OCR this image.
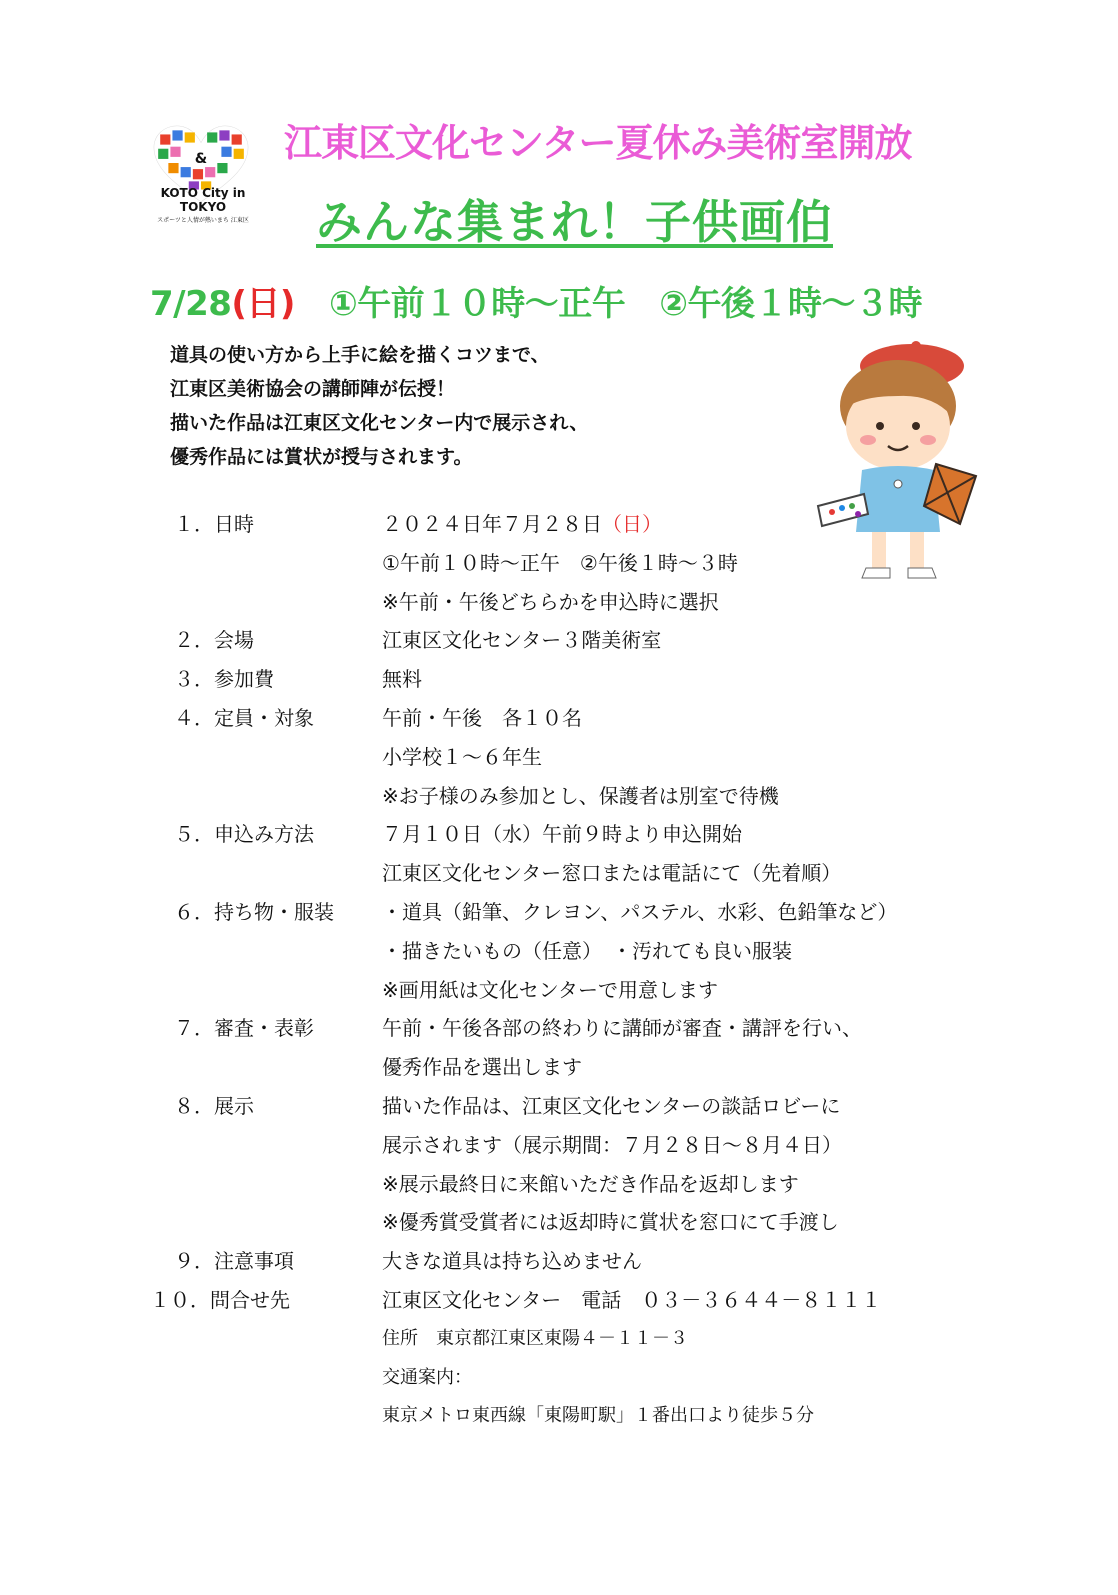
&
KOTO City in TOKYO
スポーツと人情が熱いまち 江東区
江東区文化センター夏休み美術室開放
みんな集まれ！子供画伯
7/28(日) ①午前１０時～正午 ②午後１時～３時
道具の使い方から上手に絵を描くコツまで、
江東区美術協会の講師陣が伝授！
描いた作品は江東区文化センター内で展示され、
優秀作品には賞状が授与されます。
１．日時	２０２４日年７月２８日（日）
①午前１０時～正午　②午後１時～３時
※午前・午後どちらかを申込時に選択
２．会場	江東区文化センター３階美術室
３．参加費	無料
４．定員・対象	午前・午後　各１０名
小学校１～６年生
※お子様のみ参加とし、保護者は別室で待機
５．申込み方法	７月１０日（水）午前９時より申込開始
江東区文化センター窓口または電話にて（先着順）
６．持ち物・服装	・道具（鉛筆、クレヨン、パステル、水彩、色鉛筆など）
・描きたいもの（任意）　・汚れても良い服装
※画用紙は文化センターで用意します
７．審査・表彰	午前・午後各部の終わりに講師が審査・講評を行い、
優秀作品を選出します
８．展示	描いた作品は、江東区文化センターの談話ロビーに
展示されます（展示期間：７月２８日～８月４日）
※展示最終日に来館いただき作品を返却します
※優秀賞受賞者には返却時に賞状を窓口にて手渡し
９．注意事項	大きな道具は持ち込めません
１０．問合せ先	江東区文化センター　電話　０３－３６４４－８１１１
住所　東京都江東区東陽４－１１－３
交通案内：
東京メトロ東西線「東陽町駅」１番出口より徒歩５分
